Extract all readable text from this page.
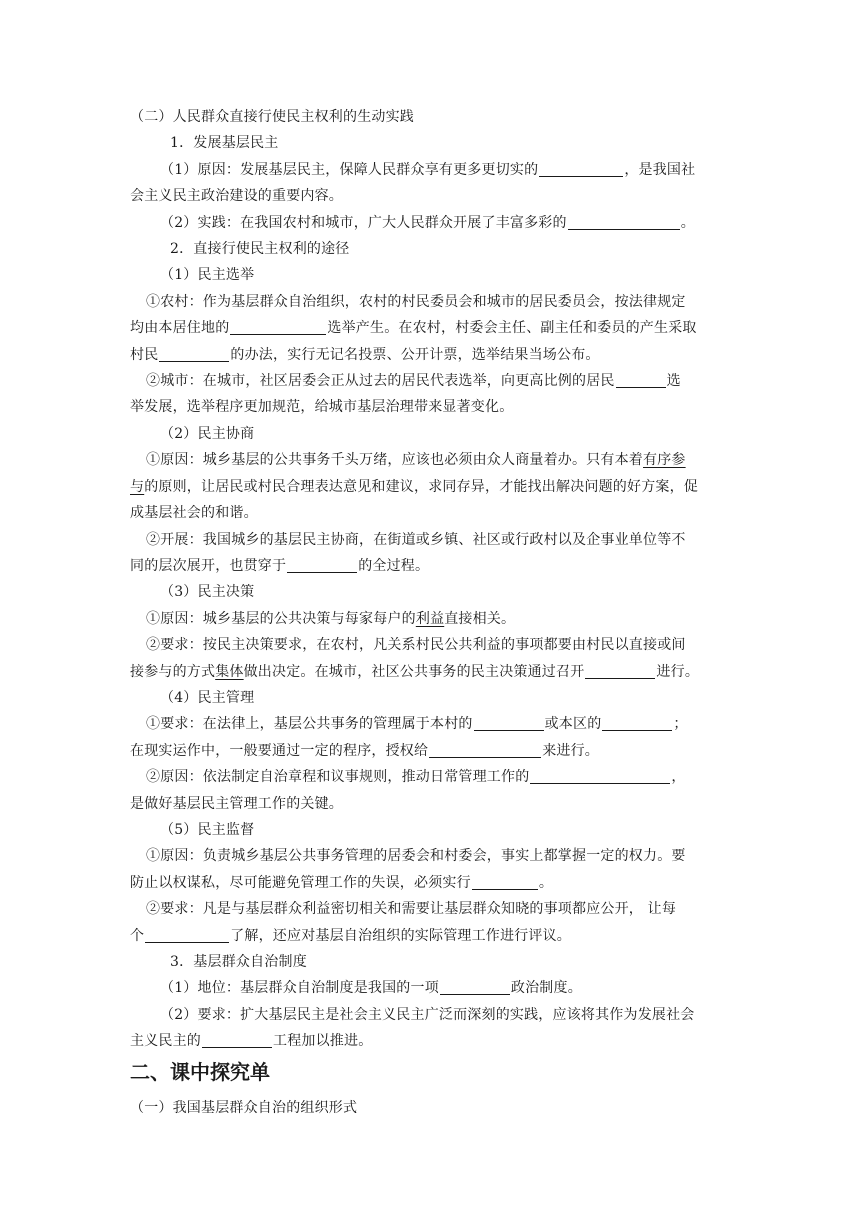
（二）人民群众直接行使民主权利的生动实践
1．发展基层民主
（1）原因：发展基层民主，保障人民群众享有更多更切实的	，是我国社
会主义民主政治建设的重要内容。
（2）实践：在我国农村和城市，广大人民群众开展了丰富多彩的	。
2．直接行使民主权利的途径
（1）民主选举
①农村：作为基层群众自治组织，农村的村民委员会和城市的居民委员会，按法律规定
均由本居住地的	选举产生。在农村，村委会主任、副主任和委员的产生采取
村民	的办法，实行无记名投票、公开计票，选举结果当场公布。
②城市：在城市，社区居委会正从过去的居民代表选举，向更高比例的居民	选
举发展，选举程序更加规范，给城市基层治理带来显著变化。
（2）民主协商
①原因：城乡基层的公共事务千头万绪，应该也必须由众人商量着办。只有本着有序参
与的原则，让居民或村民合理表达意见和建议，求同存异，才能找出解决问题的好方案，促
成基层社会的和谐。
②开展：我国城乡的基层民主协商，在街道或乡镇、社区或行政村以及企事业单位等不
同的层次展开，也贯穿于	的全过程。
（3）民主决策
①原因：城乡基层的公共决策与每家每户的利益直接相关。
②要求：按民主决策要求，在农村，凡关系村民公共利益的事项都要由村民以直接或间
接参与的方式集体做出决定。在城市，社区公共事务的民主决策通过召开	进行。
（4）民主管理
①要求：在法律上，基层公共事务的管理属于本村的	或本区的	；
在现实运作中，一般要通过一定的程序，授权给	来进行。
②原因：依法制定自治章程和议事规则，推动日常管理工作的	，
是做好基层民主管理工作的关键。
（5）民主监督
①原因：负责城乡基层公共事务管理的居委会和村委会，事实上都掌握一定的权力。要
防止以权谋私，尽可能避免管理工作的失误，必须实行	。
②要求：凡是与基层群众利益密切相关和需要让基层群众知晓的事项都应公开， 让每
个	了解，还应对基层自治组织的实际管理工作进行评议。
3．基层群众自治制度
（1）地位：基层群众自治制度是我国的一项	政治制度。
（2）要求：扩大基层民主是社会主义民主广泛而深刻的实践，应该将其作为发展社会
主义民主的	工程加以推进。
二、课中探究单
（一）我国基层群众自治的组织形式
